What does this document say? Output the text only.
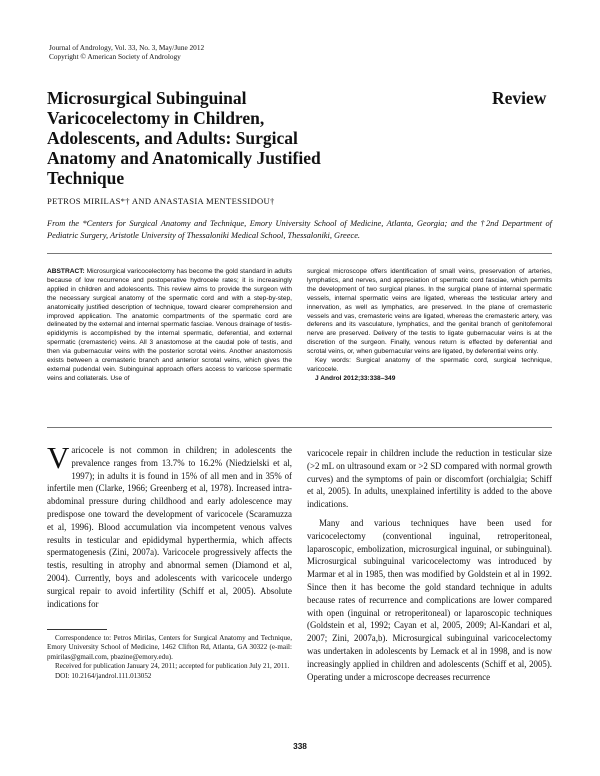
Journal of Andrology, Vol. 33, No. 3, May/June 2012
Copyright © American Society of Andrology
Microsurgical Subinguinal Varicocelectomy in Children, Adolescents, and Adults: Surgical Anatomy and Anatomically Justified Technique
Review
PETROS MIRILAS*† AND ANASTASIA MENTESSIDOU†
From the *Centers for Surgical Anatomy and Technique, Emory University School of Medicine, Atlanta, Georgia; and the †2nd Department of Pediatric Surgery, Aristotle University of Thessaloniki Medical School, Thessaloniki, Greece.
ABSTRACT: Microsurgical varicocelectomy has become the gold standard in adults because of low recurrence and postoperative hydrocele rates; it is increasingly applied in children and adolescents. This review aims to provide the surgeon with the necessary surgical anatomy of the spermatic cord and with a step-by-step, anatomically justified description of technique, toward clearer comprehension and improved application. The anatomic compartments of the spermatic cord are delineated by the external and internal spermatic fasciae. Venous drainage of testis-epididymis is accomplished by the internal spermatic, deferential, and external spermatic (cremasteric) veins. All 3 anastomose at the caudal pole of testis, and then via gubernacular veins with the posterior scrotal veins. Another anastomosis exists between a cremasteric branch and anterior scrotal veins, which gives the external pudendal vein. Subinguinal approach offers access to varicose spermatic veins and collaterals. Use of
surgical microscope offers identification of small veins, preservation of arteries, lymphatics, and nerves, and appreciation of spermatic cord fasciae, which permits the development of two surgical planes. In the surgical plane of internal spermatic vessels, internal spermatic veins are ligated, whereas the testicular artery and innervation, as well as lymphatics, are preserved. In the plane of cremasteric vessels and vas, cremasteric veins are ligated, whereas the cremasteric artery, vas deferens and its vasculature, lymphatics, and the genital branch of genitofemoral nerve are preserved. Delivery of the testis to ligate gubernacular veins is at the discretion of the surgeon. Finally, venous return is effected by deferential and scrotal veins, or, when gubernacular veins are ligated, by deferential veins only.
Key words: Surgical anatomy of the spermatic cord, surgical technique, varicocele.
J Androl 2012;33:338–349

Varicocele is not common in children; in adolescents the prevalence ranges from 13.7% to 16.2% (Niedzielski et al, 1997); in adults it is found in 15% of all men and in 35% of infertile men (Clarke, 1966; Greenberg et al, 1978). Increased intra-abdominal pressure during childhood and early adolescence may predispose one toward the development of varicocele (Scaramuzza et al, 1996). Blood accumulation via incompetent venous valves results in testicular and epididymal hyperthermia, which affects spermatogenesis (Zini, 2007a). Varicocele progressively affects the testis, resulting in atrophy and abnormal semen (Diamond et al, 2004). Currently, boys and adolescents with varicocele undergo surgical repair to avoid infertility (Schiff et al, 2005). Absolute indications for

varicocele repair in children include the reduction in testicular size (>2 mL on ultrasound exam or >2 SD compared with normal growth curves) and the symptoms of pain or discomfort (orchialgia; Schiff et al, 2005). In adults, unexplained infertility is added to the above indications.

Many and various techniques have been used for varicocelectomy (conventional inguinal, retroperitoneal, laparoscopic, embolization, microsurgical inguinal, or subinguinal). Microsurgical subinguinal varicocelectomy was introduced by Marmar et al in 1985, then was modified by Goldstein et al in 1992. Since then it has become the gold standard technique in adults because rates of recurrence and complications are lower compared with open (inguinal or retroperitoneal) or laparoscopic techniques (Goldstein et al, 1992; Cayan et al, 2005, 2009; Al-Kandari et al, 2007; Zini, 2007a,b). Microsurgical subinguinal varicocelectomy was undertaken in adolescents by Lemack et al in 1998, and is now increasingly applied in children and adolescents (Schiff et al, 2005). Operating under a microscope decreases recurrence

Correspondence to: Petros Mirilas, Centers for Surgical Anatomy and Technique, Emory University School of Medicine, 1462 Clifton Rd, Atlanta, GA 30322 (e-mail: pmirilas@gmail.com, pbazine@emory.edu).

Received for publication January 24, 2011; accepted for publication July 21, 2011.

DOI: 10.2164/jandrol.111.013052

338
